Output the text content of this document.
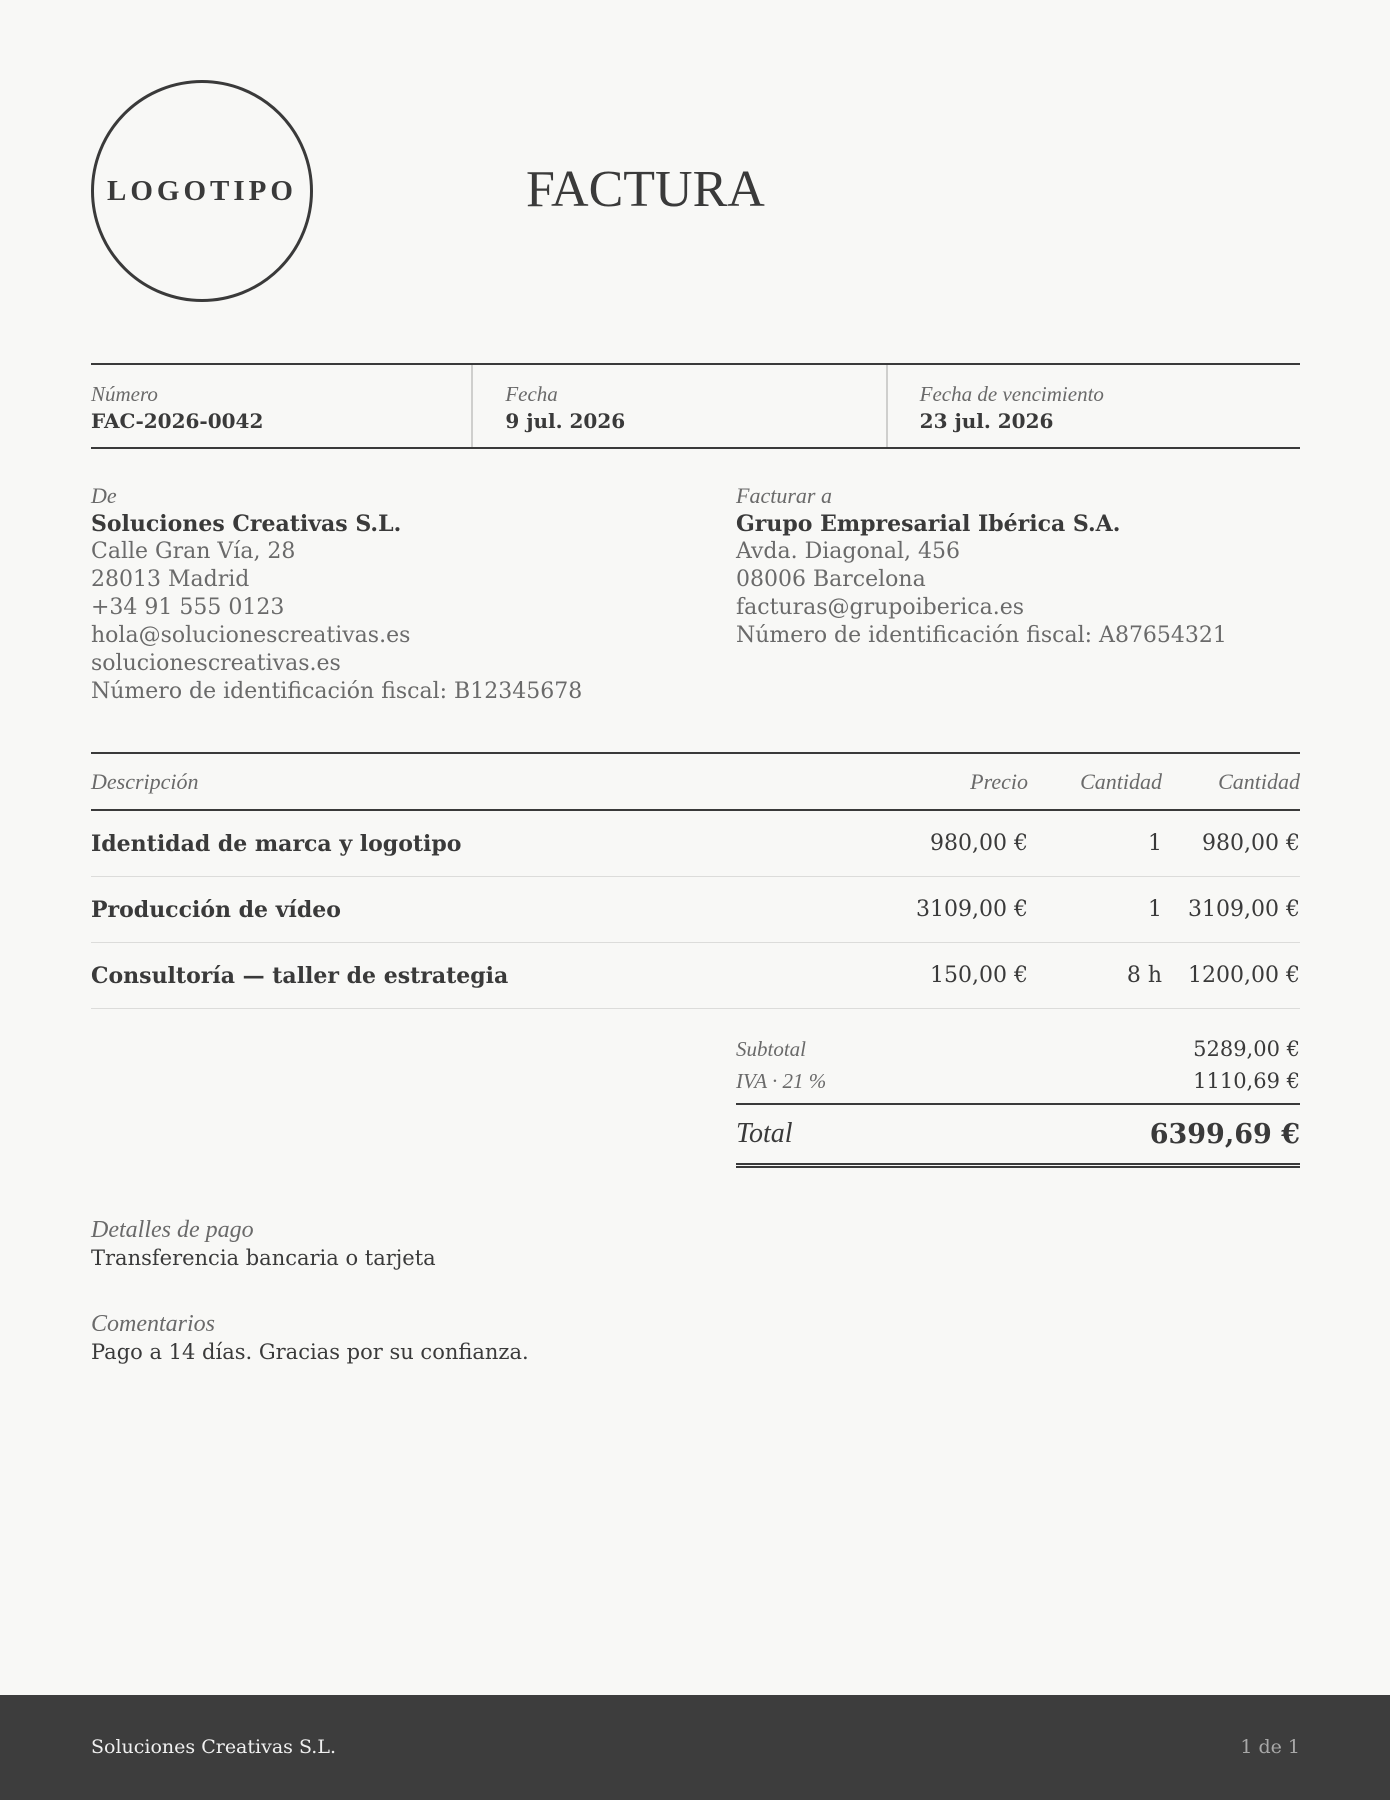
LOGOTIPO	FACTURA
Número
FAC-2026-0042
Fecha
9 jul. 2026
Fecha de vencimiento
23 jul. 2026
De
Soluciones Creativas S.L.
Calle Gran Vía, 28
28013 Madrid
+34 91 555 0123
hola@solucionescreativas.es
solucionescreativas.es
Número de identificación fiscal: B12345678
Facturar a
Grupo Empresarial Ibérica S.A.
Avda. Diagonal, 456
08006 Barcelona
facturas@grupoiberica.es
Número de identificación fiscal: A87654321
Descripción	Precio	Cantidad	Cantidad
Identidad de marca y logotipo	980,00 €	1	980,00 €
Producción de vídeo	3109,00 €	1	3109,00 €
Consultoría — taller de estrategia	150,00 €	8 h	1200,00 €
Subtotal	5289,00 €
IVA · 21 %	1110,69 €
Total	6399,69 €
Detalles de pago
Transferencia bancaria o tarjeta
Comentarios
Pago a 14 días. Gracias por su confianza.
Soluciones Creativas S.L.	1 de 1
